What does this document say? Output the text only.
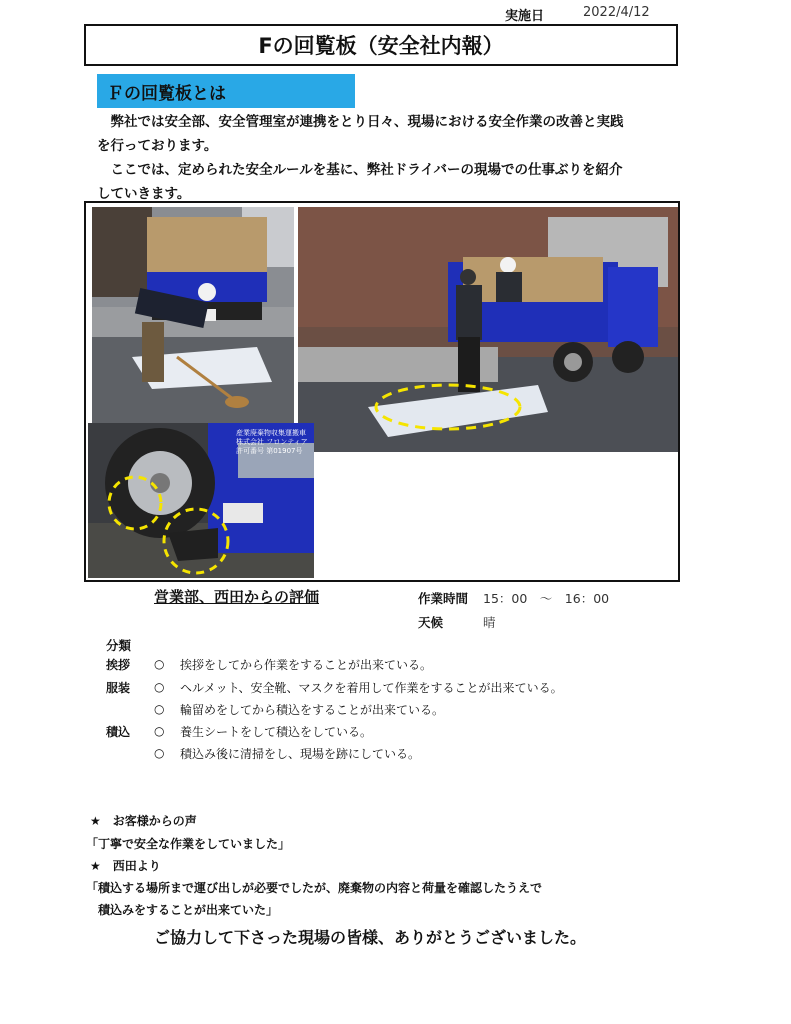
実施日	2022/4/12
Fの回覧板（安全社内報）
Ｆの回覧板とは
　弊社では安全部、安全管理室が連携をとり日々、現場における安全作業の改善と実践
を行っております。
　ここでは、定められた安全ルールを基に、弊社ドライバーの現場での仕事ぶりを紹介
していきます。
産業廃棄物収集運搬車
株式会社 フロンティア
許可番号 第01907号
営業部、西田からの評価	作業時間 15：00　～　16：00
天候	晴
分類
挨拶	○	挨拶をしてから作業をすることが出来ている。
服装	○	ヘルメット、安全靴、マスクを着用して作業をすることが出来ている。
○	輪留めをしてから積込をすることが出来ている。
積込	○	養生シートをして積込をしている。
○	積込み後に清掃をし、現場を跡にしている。
★　お客様からの声
「丁寧で安全な作業をしていました」
★　西田より
「積込する場所まで運び出しが必要でしたが、廃棄物の内容と荷量を確認したうえで
　積込みをすることが出来ていた」
ご協力して下さった現場の皆様、ありがとうございました。
